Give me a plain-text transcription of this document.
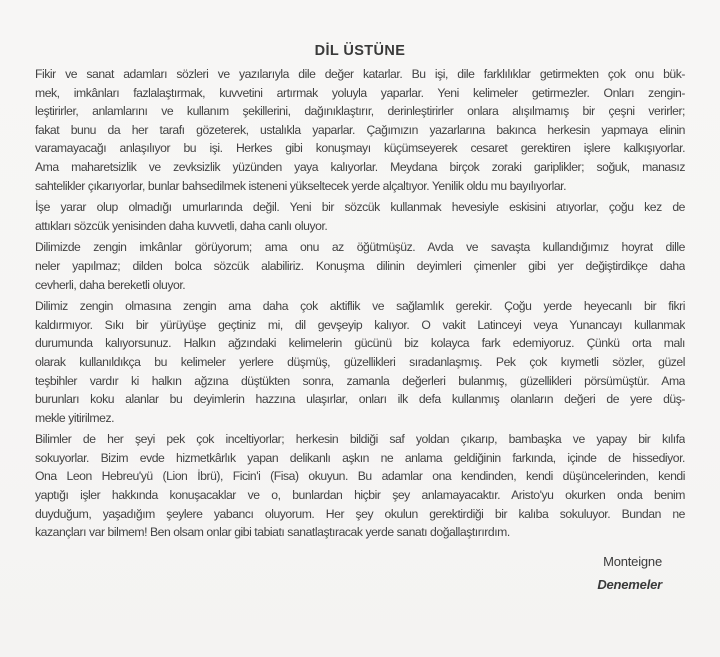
DİL ÜSTÜNE
Fikir ve sanat adamları sözleri ve yazılarıyla dile değer katarlar. Bu işi, dile farklılıklar getirmekten çok onu bük-
mek, imkânları fazlalaştırmak, kuvvetini artırmak yoluyla yaparlar. Yeni kelimeler getirmezler. Onları zengin-
leştirirler, anlamlarını ve kullanım şekillerini, dağınıklaştırır, derinleştirirler onlara alışılmamış bir çeşni verirler;
fakat bunu da her tarafı gözeterek, ustalıkla yaparlar. Çağımızın yazarlarına bakınca herkesin yapmaya elinin
varamayacağı anlaşılıyor bu işi. Herkes gibi konuşmayı küçümseyerek cesaret gerektiren işlere kalkışıyorlar.
Ama maharetsizlik ve zevksizlik yüzünden yaya kalıyorlar. Meydana birçok zoraki gariplikler; soğuk, manasız
sahtelikler çıkarıyorlar, bunlar bahsedilmek isteneni yükseltecek yerde alçaltıyor. Yenilik oldu mu bayılıyorlar.
İşe yarar olup olmadığı umurlarında değil. Yeni bir sözcük kullanmak hevesiyle eskisini atıyorlar, çoğu kez de
attıkları sözcük yenisinden daha kuvvetli, daha canlı oluyor.
Dilimizde zengin imkânlar görüyorum; ama onu az öğütmüşüz. Avda ve savaşta kullandığımız hoyrat dille
neler yapılmaz; dilden bolca sözcük alabiliriz. Konuşma dilinin deyimleri çimenler gibi yer değiştirdikçe daha
cevherli, daha bereketli oluyor.
Dilimiz zengin olmasına zengin ama daha çok aktiflik ve sağlamlık gerekir. Çoğu yerde heyecanlı bir fikri
kaldırmıyor. Sıkı bir yürüyüşe geçtiniz mi, dil gevşeyip kalıyor. O vakit Latinceyi veya Yunancayı kullanmak
durumunda kalıyorsunuz. Halkın ağzındaki kelimelerin gücünü biz kolayca fark edemiyoruz. Çünkü orta malı
olarak kullanıldıkça bu kelimeler yerlere düşmüş, güzellikleri sıradanlaşmış. Pek çok kıymetli sözler, güzel
teşbihler vardır ki halkın ağzına düştükten sonra, zamanla değerleri bulanmış, güzellikleri pörsümüştür. Ama
burunları koku alanlar bu deyimlerin hazzına ulaşırlar, onları ilk defa kullanmış olanların değeri de yere düş-
mekle yitirilmez.
Bilimler de her şeyi pek çok inceltiyorlar; herkesin bildiği saf yoldan çıkarıp, bambaşka ve yapay bir kılıfa
sokuyorlar. Bizim evde hizmetkârlık yapan delikanlı aşkın ne anlama geldiğinin farkında, içinde de hissediyor.
Ona Leon Hebreu'yü (Lion İbrü), Ficin'i (Fisa) okuyun. Bu adamlar ona kendinden, kendi düşüncelerinden, kendi
yaptığı işler hakkında konuşacaklar ve o, bunlardan hiçbir şey anlamayacaktır. Aristo'yu okurken onda benim
duyduğum, yaşadığım şeylere yabancı oluyorum. Her şey okulun gerektirdiği bir kalıba sokuluyor. Bundan ne
kazançları var bilmem! Ben olsam onlar gibi tabiatı sanatlaştıracak yerde sanatı doğallaştırırdım.
Monteigne
Denemeler
